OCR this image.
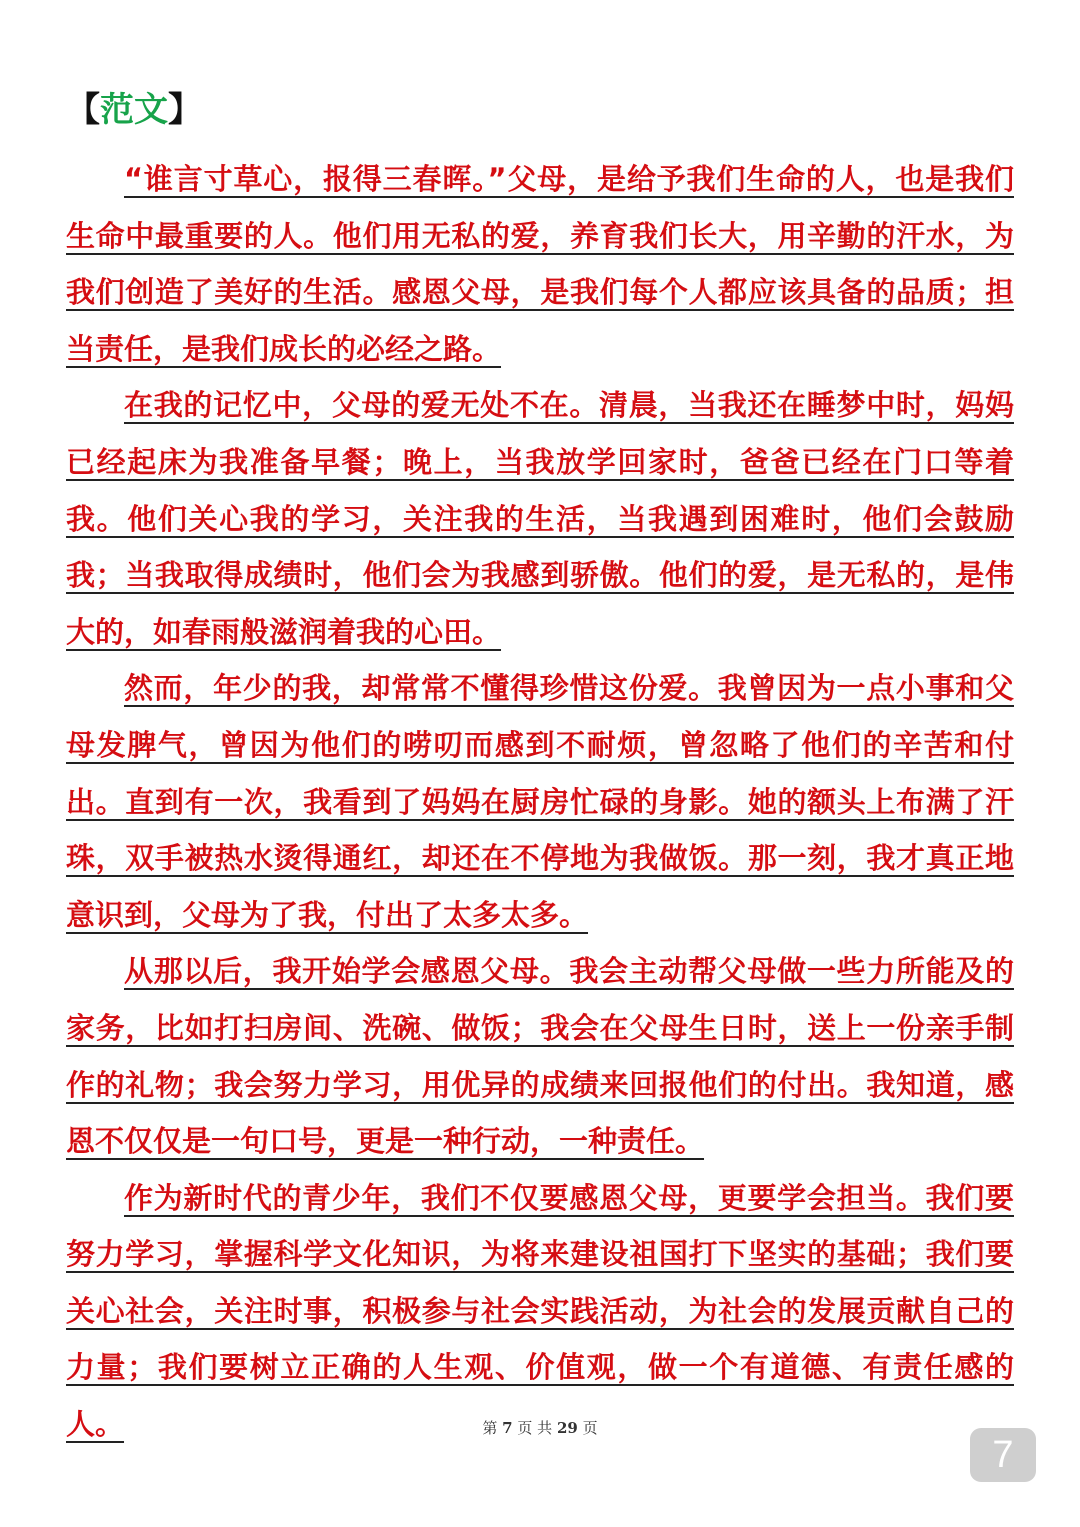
【范文】

“谁言寸草心，报得三春晖。”父母，是给予我们生命的人，也是我们生命中最重要的人。他们用无私的爱，养育我们长大，用辛勤的汗水，为我们创造了美好的生活。感恩父母，是我们每个人都应该具备的品质；担当责任，是我们成长的必经之路。

在我的记忆中，父母的爱无处不在。清晨，当我还在睡梦中时，妈妈已经起床为我准备早餐；晚上，当我放学回家时，爸爸已经在门口等着我。他们关心我的学习，关注我的生活，当我遇到困难时，他们会鼓励我；当我取得成绩时，他们会为我感到骄傲。他们的爱，是无私的，是伟大的，如春雨般滋润着我的心田。

然而，年少的我，却常常不懂得珍惜这份爱。我曾因为一点小事和父母发脾气，曾因为他们的唠叨而感到不耐烦，曾忽略了他们的辛苦和付出。直到有一次，我看到了妈妈在厨房忙碌的身影。她的额头上布满了汗珠，双手被热水烫得通红，却还在不停地为我做饭。那一刻，我才真正地意识到，父母为了我，付出了太多太多。

从那以后，我开始学会感恩父母。我会主动帮父母做一些力所能及的家务，比如打扫房间、洗碗、做饭；我会在父母生日时，送上一份亲手制作的礼物；我会努力学习，用优异的成绩来回报他们的付出。我知道，感恩不仅仅是一句口号，更是一种行动，一种责任。

作为新时代的青少年，我们不仅要感恩父母，更要学会担当。我们要努力学习，掌握科学文化知识，为将来建设祖国打下坚实的基础；我们要关心社会，关注时事，积极参与社会实践活动，为社会的发展贡献自己的力量；我们要树立正确的人生观、价值观，做一个有道德、有责任感的人。	第 7 页 共 29 页
7
